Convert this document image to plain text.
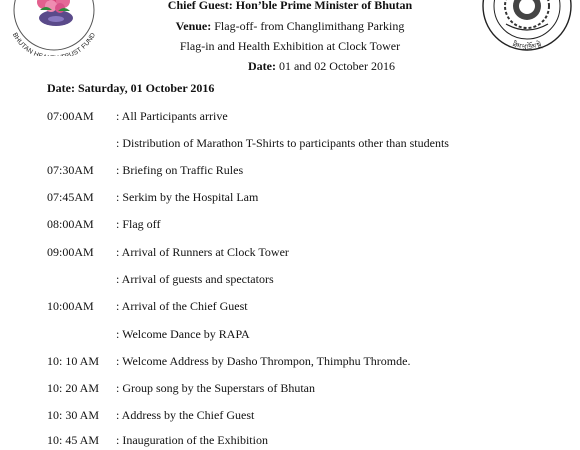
BHUTAN H UST FUND
ཐིམ་ཕུ་ཁྲོམ་སྡེ
Chief Guest: Hon’ble Prime Minister of Bhutan
Venue: Flag-off- from Changlimithang Parking
Flag-in and Health Exhibition at Clock Tower
Date: 01 and 02 October 2016
Date: Saturday, 01 October 2016
07:00AM : All Participants arrive
: Distribution of Marathon T-Shirts to participants other than students
07:30AM : Briefing on Traffic Rules
07:45AM : Serkim by the Hospital Lam
08:00AM : Flag off
09:00AM : Arrival of Runners at Clock Tower
: Arrival of guests and spectators
10:00AM : Arrival of the Chief Guest
: Welcome Dance by RAPA
10: 10 AM : Welcome Address by Dasho Thrompon, Thimphu Thromde.
10: 20 AM : Group song by the Superstars of Bhutan
10: 30 AM : Address by the Chief Guest
10: 45 AM : Inauguration of the Exhibition
